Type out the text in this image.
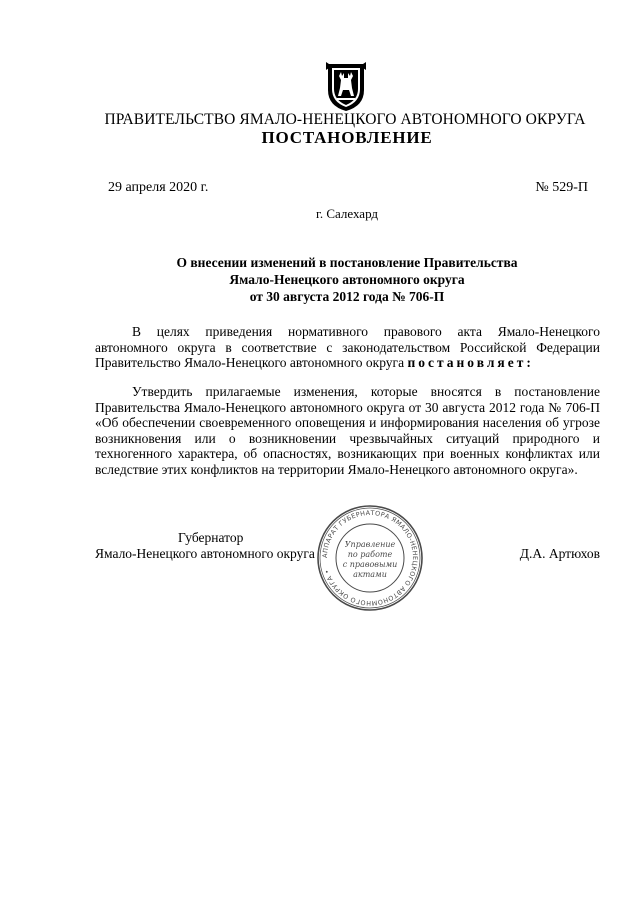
ПРАВИТЕЛЬСТВО ЯМАЛО-НЕНЕЦКОГО АВТОНОМНОГО ОКРУГА
ПОСТАНОВЛЕНИЕ
29 апреля 2020 г.	№ 529-П
г. Салехард
О внесении изменений в постановление Правительства
Ямало-Ненецкого автономного округа
от 30 августа 2012 года № 706-П
В целях приведения нормативного правового акта Ямало-Ненецкого автономного округа в соответствие с законодательством Российской Федерации Правительство Ямало-Ненецкого автономного округа постановляет:
Утвердить прилагаемые изменения, которые вносятся в постановление Правительства Ямало-Ненецкого автономного округа от 30 августа 2012 года № 706-П «Об обеспечении своевременного оповещения и информирования населения об угрозе возникновения или о возникновении чрезвычайных ситуаций природного и техногенного характера, об опасностях, возникающих при военных конфликтах или вследствие этих конфликтов на территории Ямало-Ненецкого автономного округа».
Губернатор
Ямало-Ненецкого автономного округа	Д.А. Артюхов
АППАРАТ ГУБЕРНАТОРА ЯМАЛО-НЕНЕЦКОГО АВТОНОМНОГО ОКРУГА •
Управление
по работе
с правовыми
актами
